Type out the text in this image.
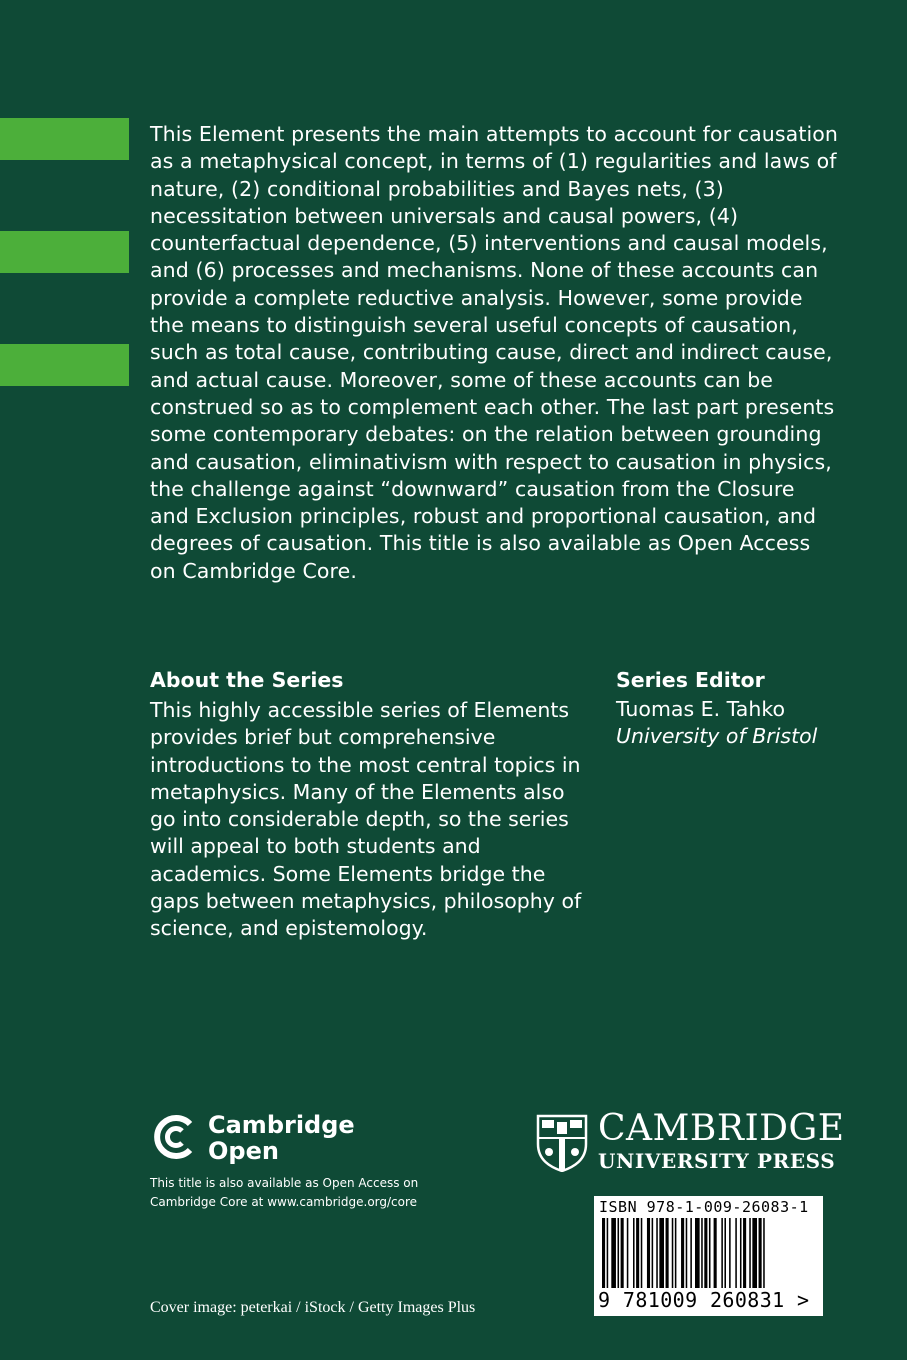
This Element presents the main attempts to account for causation as a metaphysical concept, in terms of (1) regularities and laws of nature, (2) conditional probabilities and Bayes nets, (3) necessitation between universals and causal powers, (4) counterfactual dependence, (5) interventions and causal models, and (6) processes and mechanisms. None of these accounts can provide a complete reductive analysis. However, some provide the means to distinguish several useful concepts of causation, such as total cause, contributing cause, direct and indirect cause, and actual cause. Moreover, some of these accounts can be construed so as to complement each other. The last part presents some contemporary debates: on the relation between grounding and causation, eliminativism with respect to causation in physics, the challenge against “downward” causation from the Closure and Exclusion principles, robust and proportional causation, and degrees of causation. This title is also available as Open Access on Cambridge Core.

About the Series

This highly accessible series of Elements provides brief but comprehensive introductions to the most central topics in metaphysics. Many of the Elements also go into considerable depth, so the series will appeal to both students and academics. Some Elements bridge the gaps between metaphysics, philosophy of science, and epistemology.

Series Editor

Tuomas E. Tahko

University of Bristol

Cambridge
Open
This title is also available as Open Access on Cambridge Core at www.cambridge.org/core
CAMBRIDGE
UNIVERSITY PRESS
ISBN 978-1-009-26083-1
9 781009 260831 >
Cover image: peterkai / iStock / Getty Images Plus
